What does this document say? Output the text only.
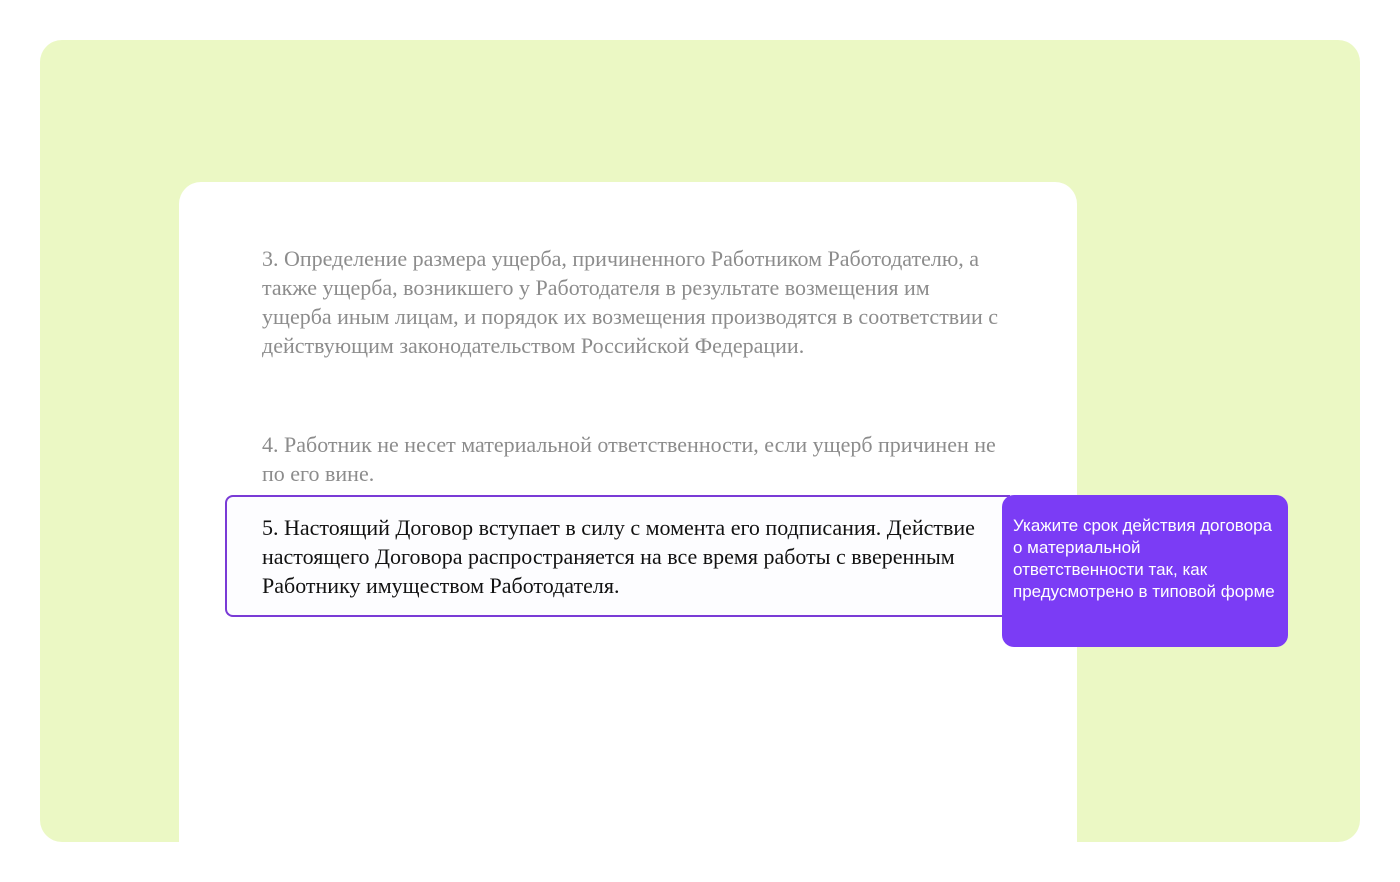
3. Определение размера ущерба, причиненного Работником Работодателю, а также ущерба, возникшего у Работодателя в результате возмещения им ущерба иным лицам, и порядок их возмещения производятся в соответствии с действующим законодательством Российской Федерации.

4. Работник не несет материальной ответственности, если ущерб причинен не по его вине.

5. Настоящий Договор вступает в силу с момента его подписания. Действие настоящего Договора распространяется на все время работы с вверенным Работнику имуществом Работодателя.

Укажите срок действия договора о материальной ответственности так, как предусмотрено в типовой форме
